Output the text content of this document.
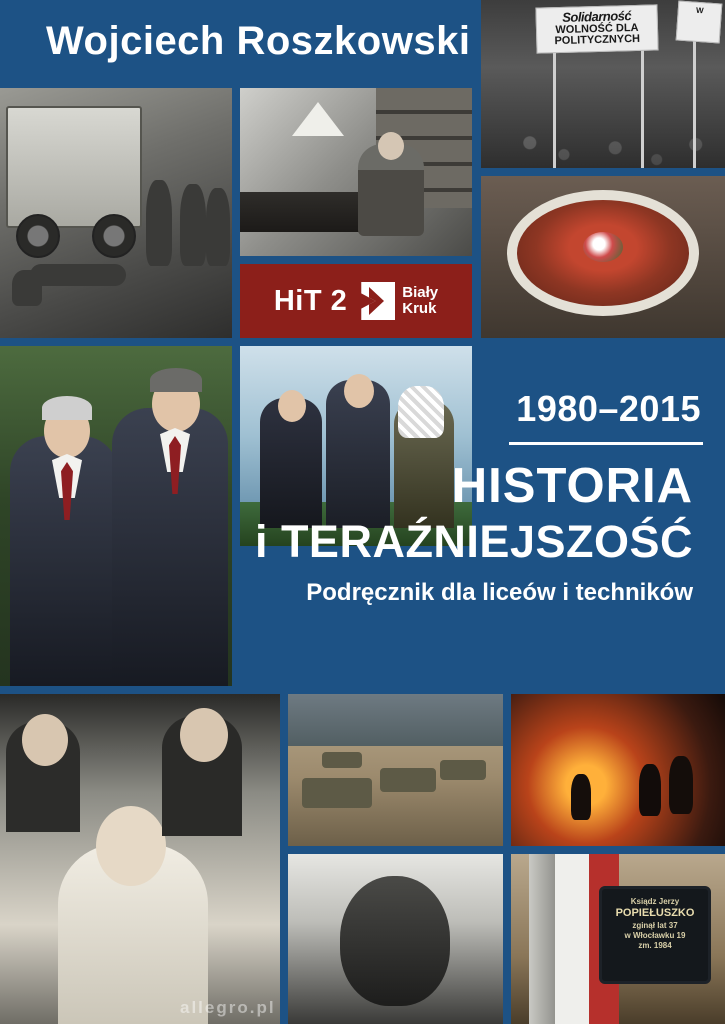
Wojciech Roszkowski
Solidarność
WOLNOŚĆ DLA POLITYCZNYCH
W
HiT 2	Biały
Kruk
1980–2015
HISTORIA
i TERAŹNIEJSZOŚĆ
Podręcznik dla liceów i techników
Ksiądz Jerzy
POPIEŁUSZKO
zginął lat 37
w Włocławku 19
zm. 1984
allegro.pl
